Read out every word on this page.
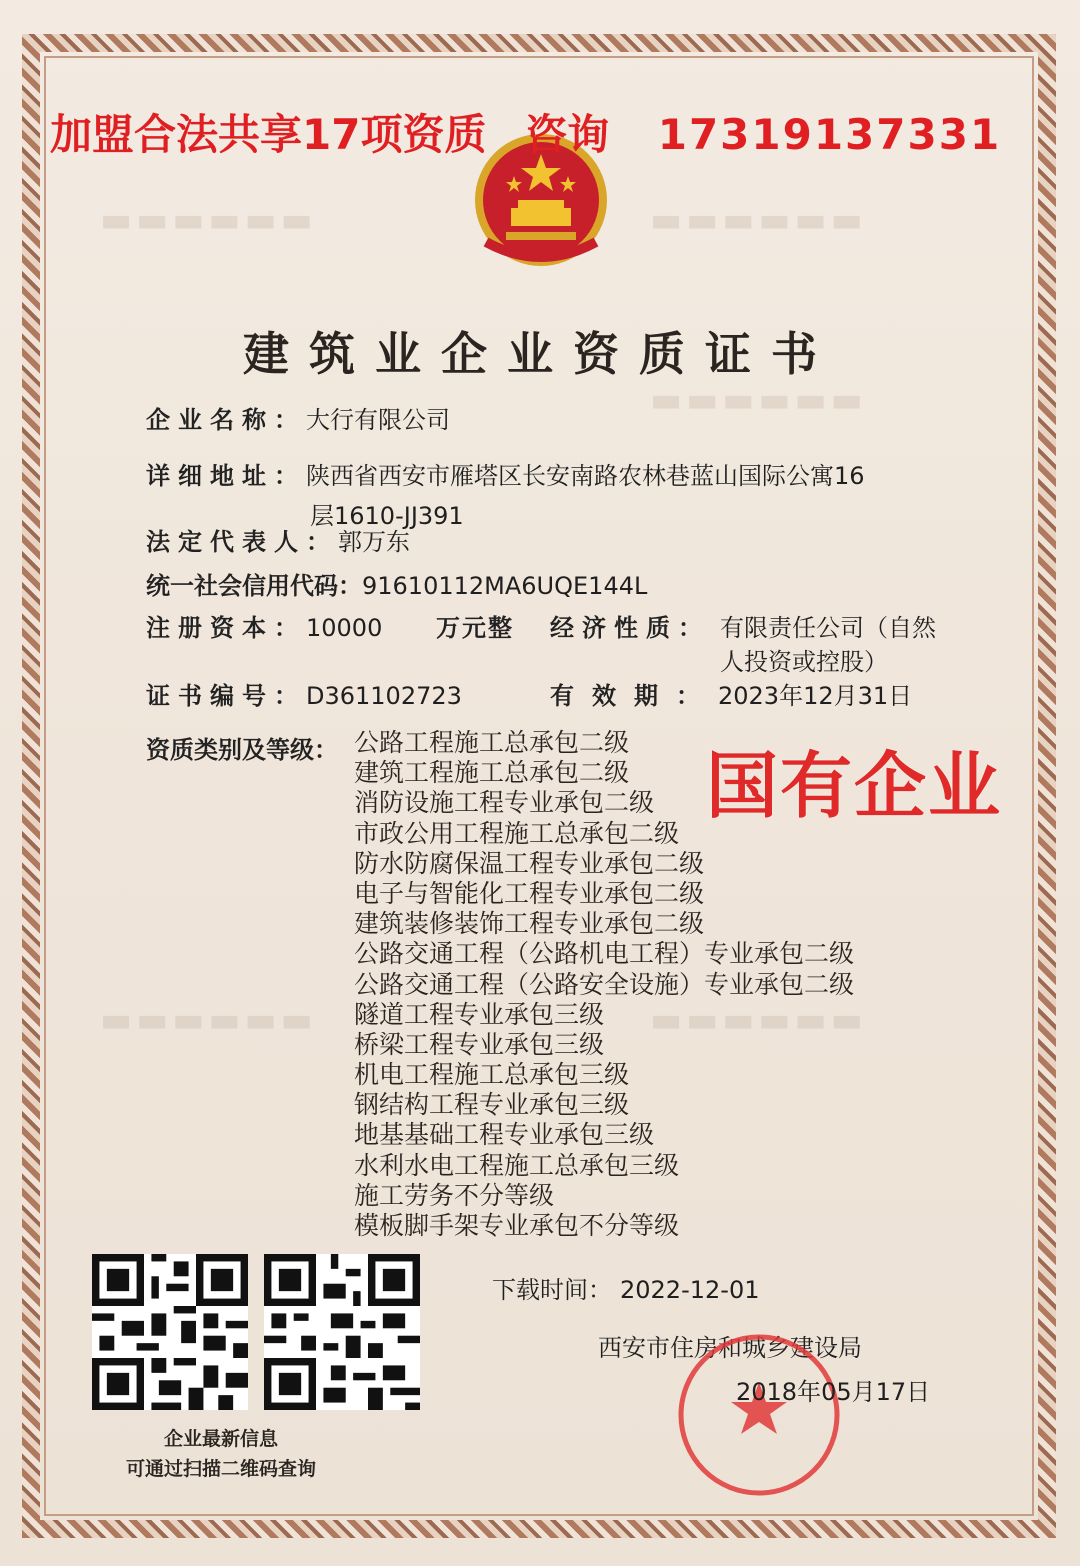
▬▬▬▬▬▬	▬▬▬▬▬▬
▬▬▬▬▬▬
▬▬▬▬▬▬	▬▬▬▬▬▬
加盟合法共享17项资质 咨询 17319137331
建筑业企业资质证书
企业名称：大行有限公司
详细地址：陕西省西安市雁塔区长安南路农林巷蓝山国际公寓16
层1610-JJ391
法定代表人：郭万东
统一社会信用代码：91610112MA6UQE144L
注册资本：10000 万元整 经济性质： 有限责任公司（自然
人投资或控股）
证书编号：D361102723	有效期：2023年12月31日
资质类别及等级： 公路工程施工总承包二级
建筑工程施工总承包二级
消防设施工程专业承包二级
市政公用工程施工总承包二级
防水防腐保温工程专业承包二级
电子与智能化工程专业承包二级
建筑装修装饰工程专业承包二级
公路交通工程（公路机电工程）专业承包二级
公路交通工程（公路安全设施）专业承包二级
隧道工程专业承包三级
桥梁工程专业承包三级
机电工程施工总承包三级
钢结构工程专业承包三级
地基基础工程专业承包三级
水利水电工程施工总承包三级
施工劳务不分等级
模板脚手架专业承包不分等级
国有企业
企业最新信息
可通过扫描二维码查询
下载时间： 2022-12-01
西安市住房和城乡建设局
2018年05月17日
